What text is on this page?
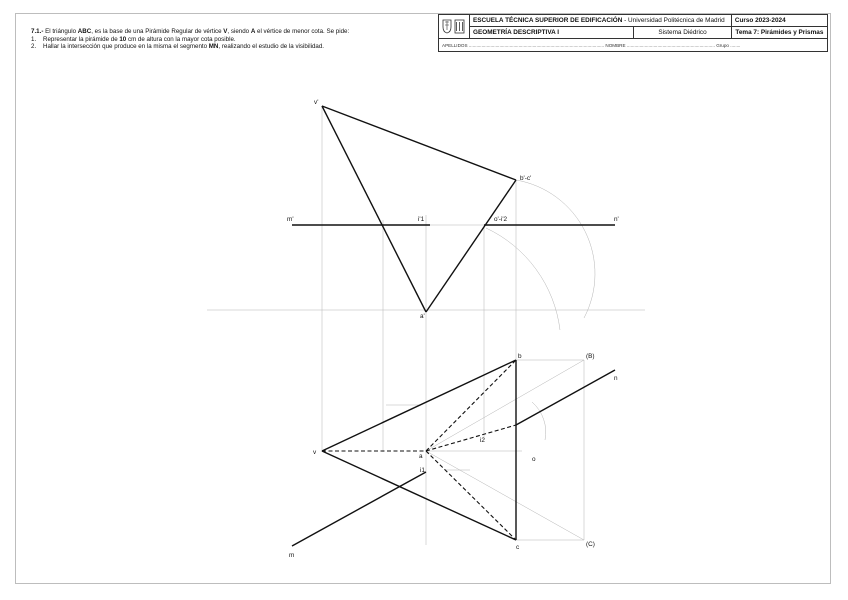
7.1.- El triángulo ABC, es la base de una Pirámide Regular de vértice V, siendo A el vértice de menor cota. Se pide:

1. Representar la pirámide de 10 cm de altura con la mayor cota posible.

2. Hallar la intersección que produce en la misma el segmento MN, realizando el estudio de la visibilidad.

	ESCUELA TÉCNICA SUPERIOR DE EDIFICACIÓN - Universidad Politécnica de Madrid		Curso 2023-2024
	GEOMETRÍA DESCRIPTIVA I	Sistema Diédrico	Tema 7: Pirámides y Prismas
APELLIDOS .......................................................................................................... NOMBRE ..................................................................... Grupo ........			
v'
b'-c'
m'	i'1	o'-i'2	n'
a'
b	(B)
n
v
a
i2
o
i1
m
c	(C)
